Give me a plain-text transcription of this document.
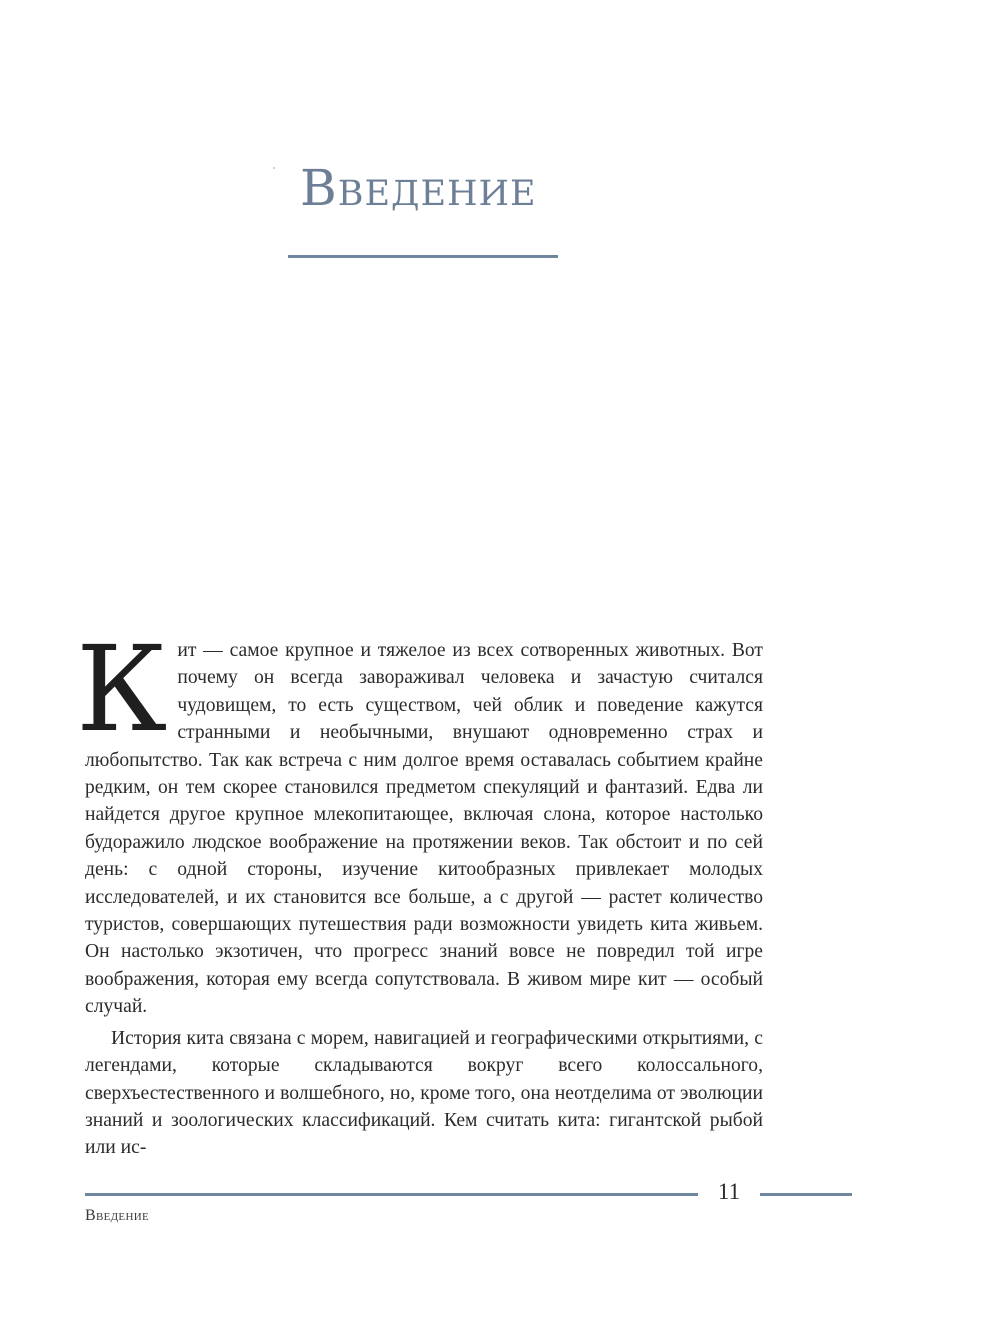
Введение

Кит — самое крупное и тяжелое из всех сотворенных животных. Вот почему он всегда завораживал человека и зачастую считался чудовищем, то есть существом, чей облик и поведение кажутся странными и необычными, внушают одновременно страх и любопытство. Так как встреча с ним долгое время оставалась событием крайне редким, он тем скорее становился предметом спекуляций и фантазий. Едва ли найдется другое крупное млекопитающее, включая слона, которое настолько будоражило людское воображение на протяжении веков. Так обстоит и по сей день: с одной стороны, изучение китообразных привлекает молодых исследователей, и их становится все больше, а с другой — растет количество туристов, совершающих путешествия ради возможности увидеть кита живьем. Он настолько экзотичен, что прогресс знаний вовсе не повредил той игре воображения, которая ему всегда сопутствовала. В живом мире кит — особый случай.

История кита связана с морем, навигацией и географическими открытиями, с легендами, которые складываются вокруг всего колоссального, сверхъестественного и волшебного, но, кроме того, она неотделима от эволюции знаний и зоологических классификаций. Кем считать кита: гигантской рыбой или ис-

11
Введение
